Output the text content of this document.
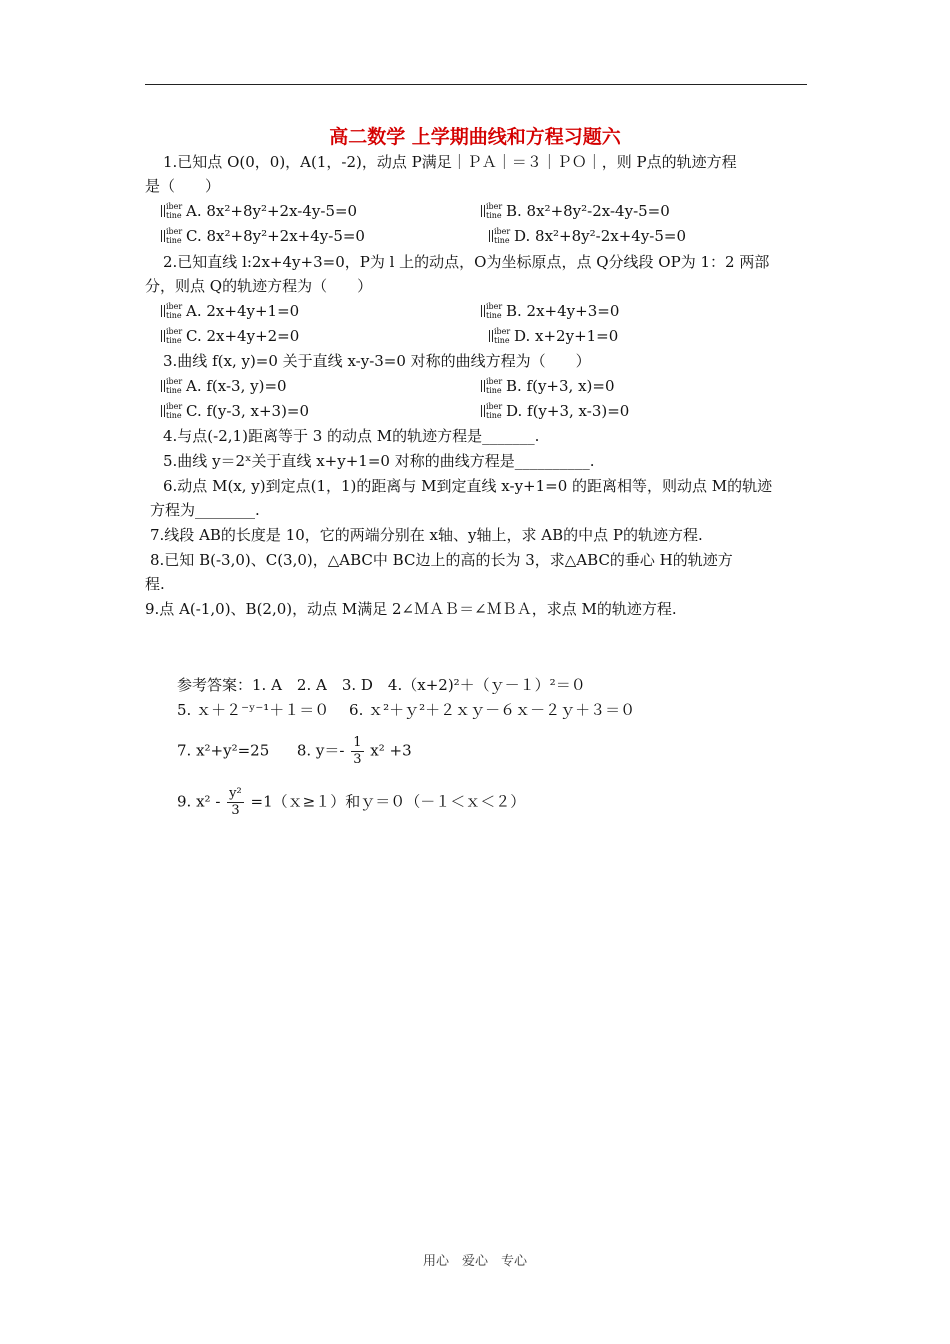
高二数学 上学期曲线和方程习题六
1.已知点 O(0，0)，A(1，-2)，动点 P满足｜ＰＡ｜＝３｜ＰＯ｜，则 P点的轨迹方程
是（　　）
iber
tine A. 8x²+8y²+2x-4y-5=0	iber
tine B. 8x²+8y²-2x-4y-5=0
iber
tine C. 8x²+8y²+2x+4y-5=0	iber
tine D. 8x²+8y²-2x+4y-5=0
2.已知直线 l:2x+4y+3=0，P为 l 上的动点，O为坐标原点，点 Q分线段 OP为 1：2 两部
分，则点 Q的轨迹方程为（　　）
iber
tine A. 2x+4y+1=0	iber
tine B. 2x+4y+3=0
iber
tine C. 2x+4y+2=0	iber
tine D. x+2y+1=0
3.曲线 f(x, y)=0 关于直线 x-y-3=0 对称的曲线方程为（　　）
iber
tine A. f(x-3, y)=0	iber
tine B. f(y+3, x)=0
iber
tine C. f(y-3, x+3)=0	iber
tine D. f(y+3, x-3)=0
4.与点(-2,1)距离等于 3 的动点 M的轨迹方程是_______.
5.曲线 y＝2ˣ关于直线 x+y+1=0 对称的曲线方程是__________.
6.动点 M(x, y)到定点(1，1)的距离与 M到定直线 x-y+1=0 的距离相等，则动点 M的轨迹
方程为________.
7.线段 AB的长度是 10，它的两端分别在 x轴、y轴上，求 AB的中点 P的轨迹方程.
8.已知 B(-3,0)、C(3,0)，△ABC中 BC边上的高的长为 3，求△ABC的垂心 H的轨迹方
程.
9.点 A(-1,0)、B(2,0)，动点 M满足 2∠ＭＡＢ＝∠ＭＢＡ，求点 M的轨迹方程.
参考答案：1. A　2. A　3. D　4.（x+2)²＋（ｙ－１）²＝０
5. ｘ＋２⁻ʸ⁻¹＋１＝０　 6. ｘ²＋ｙ²＋２ｘｙ－６ｘ－２ｙ＋３＝０
7. x²+y²=25 8. $y=- \frac{1}{3} x^2 +3$
9. $x^2 - \frac{\text{y²}}{3}$ =1（ｘ≥１）和ｙ＝０（－１＜ｘ＜２）
用心　爱心　专心
